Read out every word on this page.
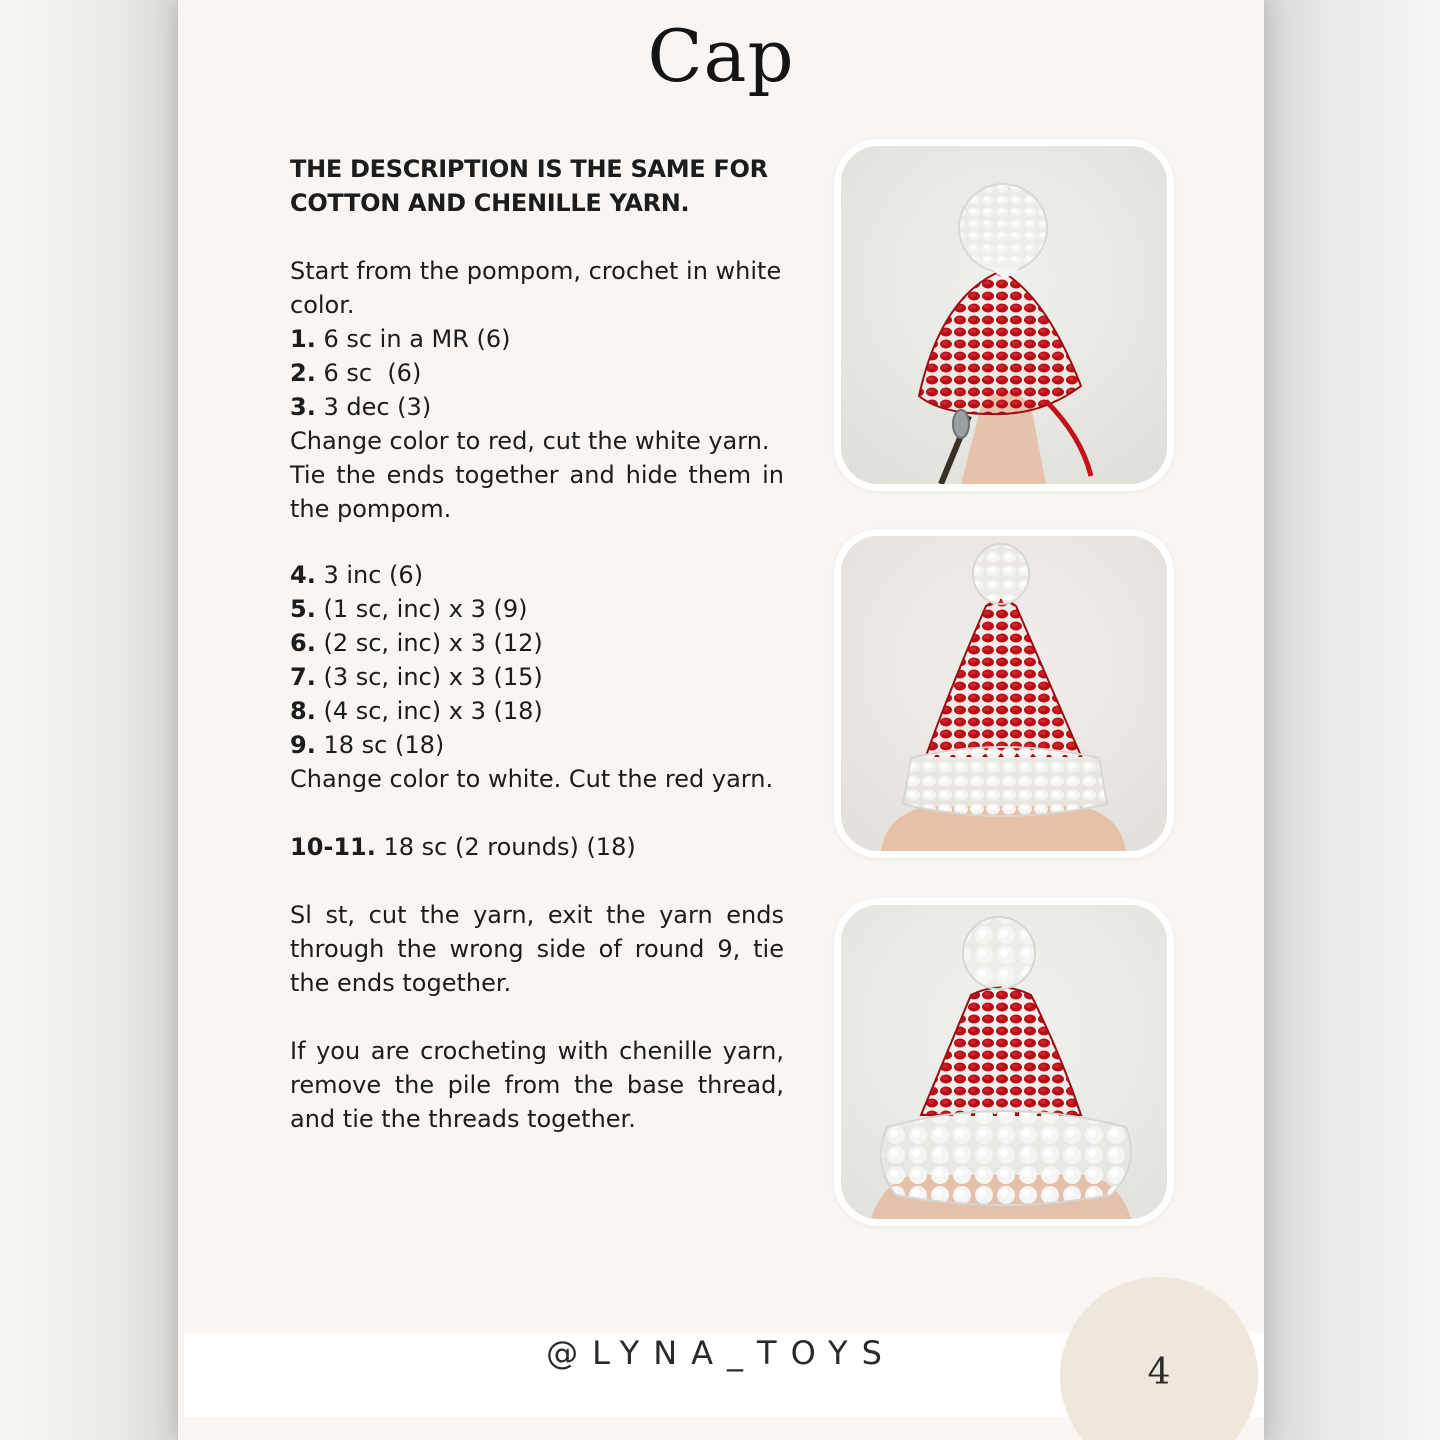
Cap
THE DESCRIPTION IS THE SAME FOR
COTTON AND CHENILLE YARN.
Start from the pompom, crochet in white color.
1. 6 sc in a MR (6)
2. 6 sc  (6)
3. 3 dec (3)
Change color to red, cut the white yarn.
Tie the ends together and hide them in the pompom.
4. 3 inc (6)
5. (1 sc, inc) x 3 (9)
6. (2 sc, inc) x 3 (12)
7. (3 sc, inc) x 3 (15)
8. (4 sc, inc) x 3 (18)
9. 18 sc (18)
Change color to white. Cut the red yarn.
10-11. 18 sc (2 rounds) (18)
Sl st, cut the yarn, exit the yarn ends through the wrong side of round 9, tie the ends together.
If you are crocheting with chenille yarn, remove the pile from the base thread, and tie the threads together.
@LYNA_TOYS	4
